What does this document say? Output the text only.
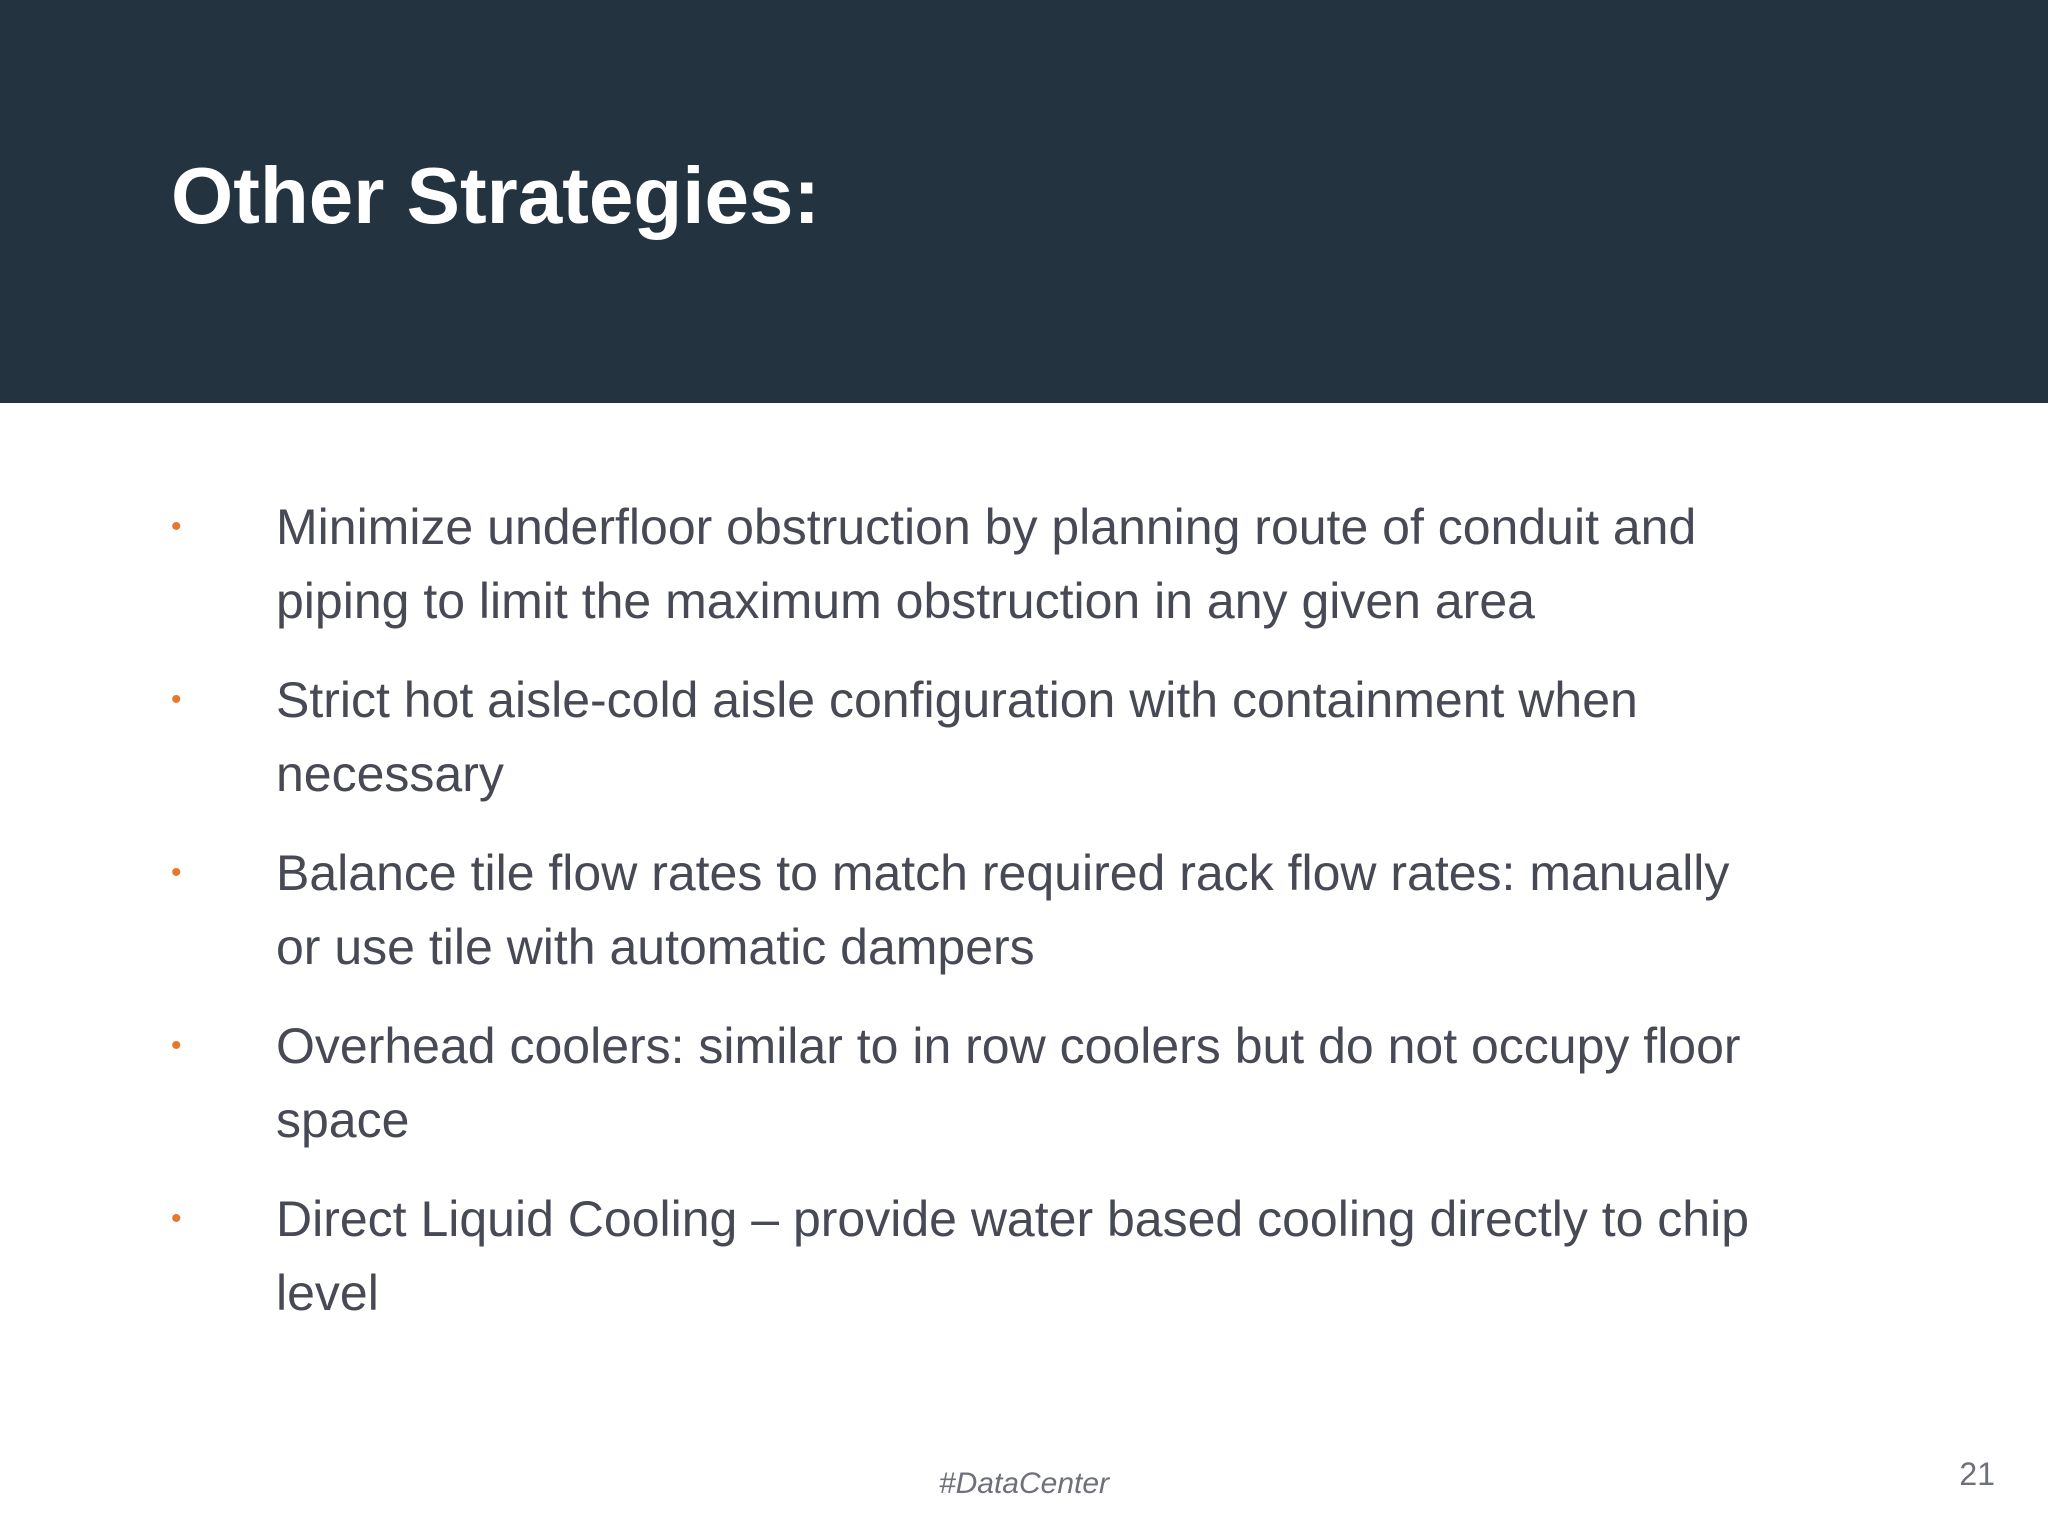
Other Strategies:
•	Minimize underfloor obstruction by planning route of conduit and piping to limit the maximum obstruction in any given area
•	Strict hot aisle-cold aisle configuration with containment when necessary
•	Balance tile flow rates to match required rack flow rates: manually or use tile with automatic dampers
•	Overhead coolers: similar to in row coolers but do not occupy floor space
•	Direct Liquid Cooling – provide water based cooling directly to chip level
#DataCenter	21
